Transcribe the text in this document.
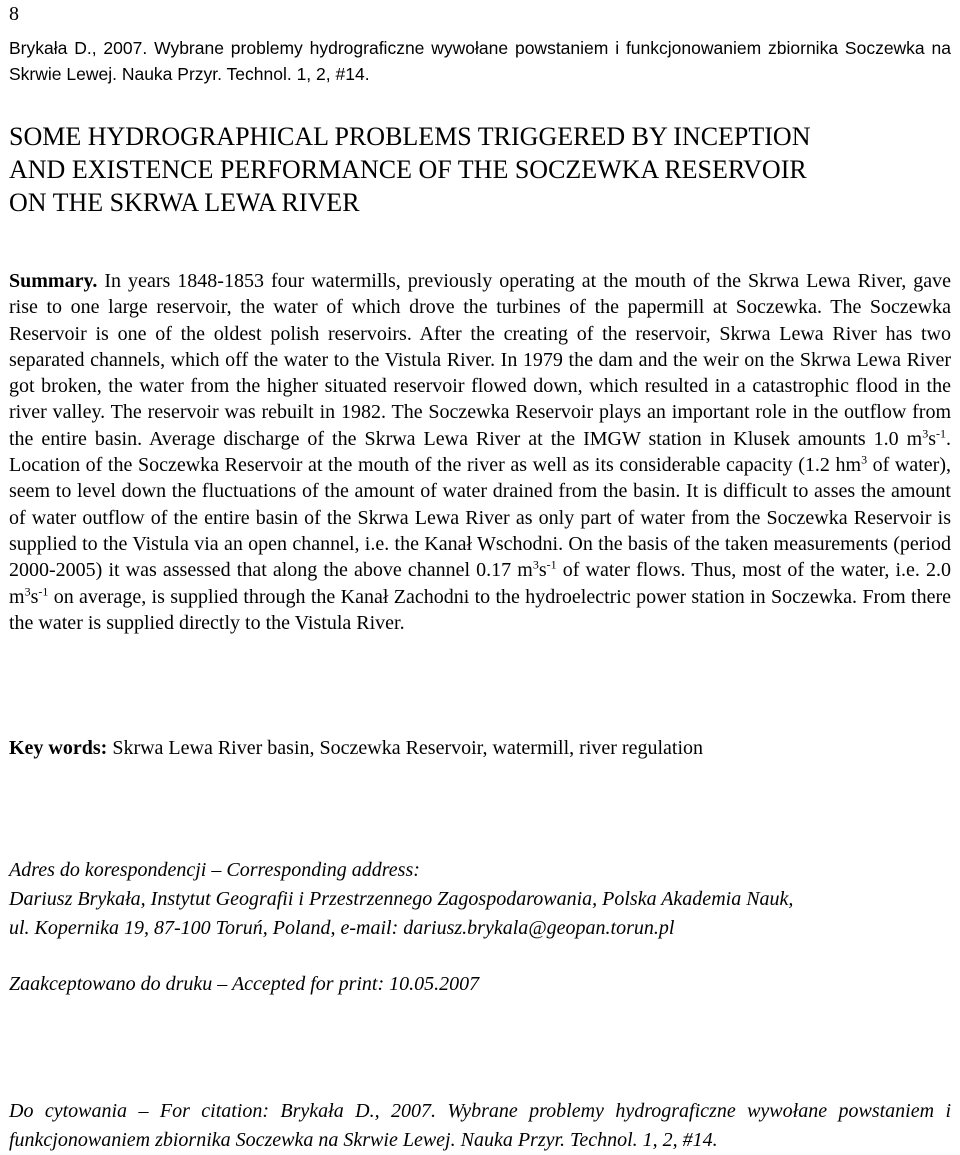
8
Brykała D., 2007. Wybrane problemy hydrograficzne wywołane powstaniem i funkcjonowaniem zbiornika Soczewka na Skrwie Lewej. Nauka Przyr. Technol. 1, 2, #14.
SOME HYDROGRAPHICAL PROBLEMS TRIGGERED BY INCEPTION
AND EXISTENCE PERFORMANCE OF THE SOCZEWKA RESERVOIR
ON THE SKRWA LEWA RIVER

Summary. In years 1848-1853 four watermills, previously operating at the mouth of the Skrwa Lewa River, gave rise to one large reservoir, the water of which drove the turbines of the papermill at Soczewka. The Soczewka Reservoir is one of the oldest polish reservoirs. After the creating of the reservoir, Skrwa Lewa River has two separated channels, which off the water to the Vistula River. In 1979 the dam and the weir on the Skrwa Lewa River got broken, the water from the higher situated reservoir flowed down, which resulted in a catastrophic flood in the river valley. The reservoir was rebuilt in 1982. The Soczewka Reservoir plays an important role in the outflow from the entire basin. Average discharge of the Skrwa Lewa River at the IMGW station in Klusek amounts 1.0 $m^3s^{-1}$. Location of the Soczewka Reservoir at the mouth of the river as well as its considerable capacity (1.2 $hm^3$ of water), seem to level down the fluctuations of the amount of water drained from the basin. It is difficult to asses the amount of water outflow of the entire basin of the Skrwa Lewa River as only part of water from the Soczewka Reservoir is supplied to the Vistula via an open channel, i.e. the Kanał Wschodni. On the basis of the taken measurements (period 2000-2005) it was assessed that along the above channel 0.17 $m^3s^{-1}$ of water flows. Thus, most of the water, i.e. 2.0 $m^3s^{-1}$ on average, is supplied through the Kanał Zachodni to the hydroelectric power station in Soczewka. From there the water is supplied directly to the Vistula River.

Key words: Skrwa Lewa River basin, Soczewka Reservoir, watermill, river regulation

Adres do korespondencji – Corresponding address:
Dariusz Brykała, Instytut Geografii i Przestrzennego Zagospodarowania, Polska Akademia Nauk,
ul. Kopernika 19, 87-100 Toruń, Poland, e-mail: dariusz.brykala@geopan.torun.pl

Zaakceptowano do druku – Accepted for print: 10.05.2007

Do cytowania – For citation: Brykała D., 2007. Wybrane problemy hydrograficzne wywołane powstaniem i funkcjonowaniem zbiornika Soczewka na Skrwie Lewej. Nauka Przyr. Technol. 1, 2, #14.
